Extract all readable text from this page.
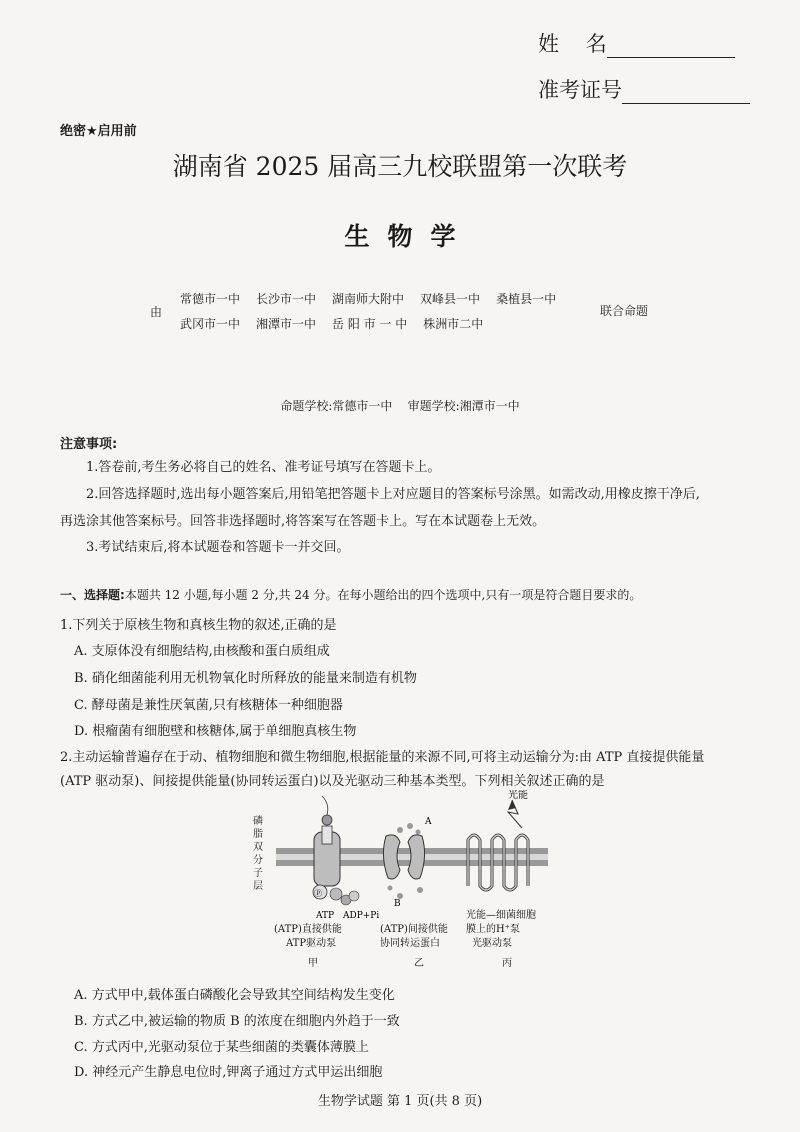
姓    名
准考证号
绝密★启用前
湖南省 2025 届高三九校联盟第一次联考
生物学
由
常德市一中 长沙市一中 湖南师大附中 双峰县一中 桑植县一中
武冈市一中 湘潭市一中 岳 阳 市 一 中 株洲市二中
联合命题
命题学校:常德市一中    审题学校:湘潭市一中
注意事项:

1.答卷前,考生务必将自己的姓名、准考证号填写在答题卡上。

2.回答选择题时,选出每小题答案后,用铅笔把答题卡上对应题目的答案标号涂黑。如需改动,用橡皮擦干净后,

再选涂其他答案标号。回答非选择题时,将答案写在答题卡上。写在本试题卷上无效。

3.考试结束后,将本试题卷和答题卡一并交回。

一、选择题:本题共 12 小题,每小题 2 分,共 24 分。在每小题给出的四个选项中,只有一项是符合题目要求的。
1.下列关于原核生物和真核生物的叙述,正确的是
A. 支原体没有细胞结构,由核酸和蛋白质组成
B. 硝化细菌能利用无机物氧化时所释放的能量来制造有机物
C. 酵母菌是兼性厌氧菌,只有核糖体一种细胞器
D. 根瘤菌有细胞壁和核糖体,属于单细胞真核生物
2.主动运输普遍存在于动、植物细胞和微生物细胞,根据能量的来源不同,可将主动运输分为:由 ATP 直接提供能量
(ATP 驱动泵)、间接提供能量(协同转运蛋白)以及光驱动三种基本类型。下列相关叙述正确的是
磷 脂 双 分 子 层
Ⓟ
ATP ADP+Pi
A
B
光能
(ATP)直接供能
ATP驱动泵
甲
(ATP)间接供能
协同转运蛋白
乙
光能—细菌细胞
膜上的H⁺泵
光驱动泵
丙
A. 方式甲中,载体蛋白磷酸化会导致其空间结构发生变化
B. 方式乙中,被运输的物质 B 的浓度在细胞内外趋于一致
C. 方式丙中,光驱动泵位于某些细菌的类囊体薄膜上
D. 神经元产生静息电位时,钾离子通过方式甲运出细胞
生物学试题 第 1 页(共 8 页)
